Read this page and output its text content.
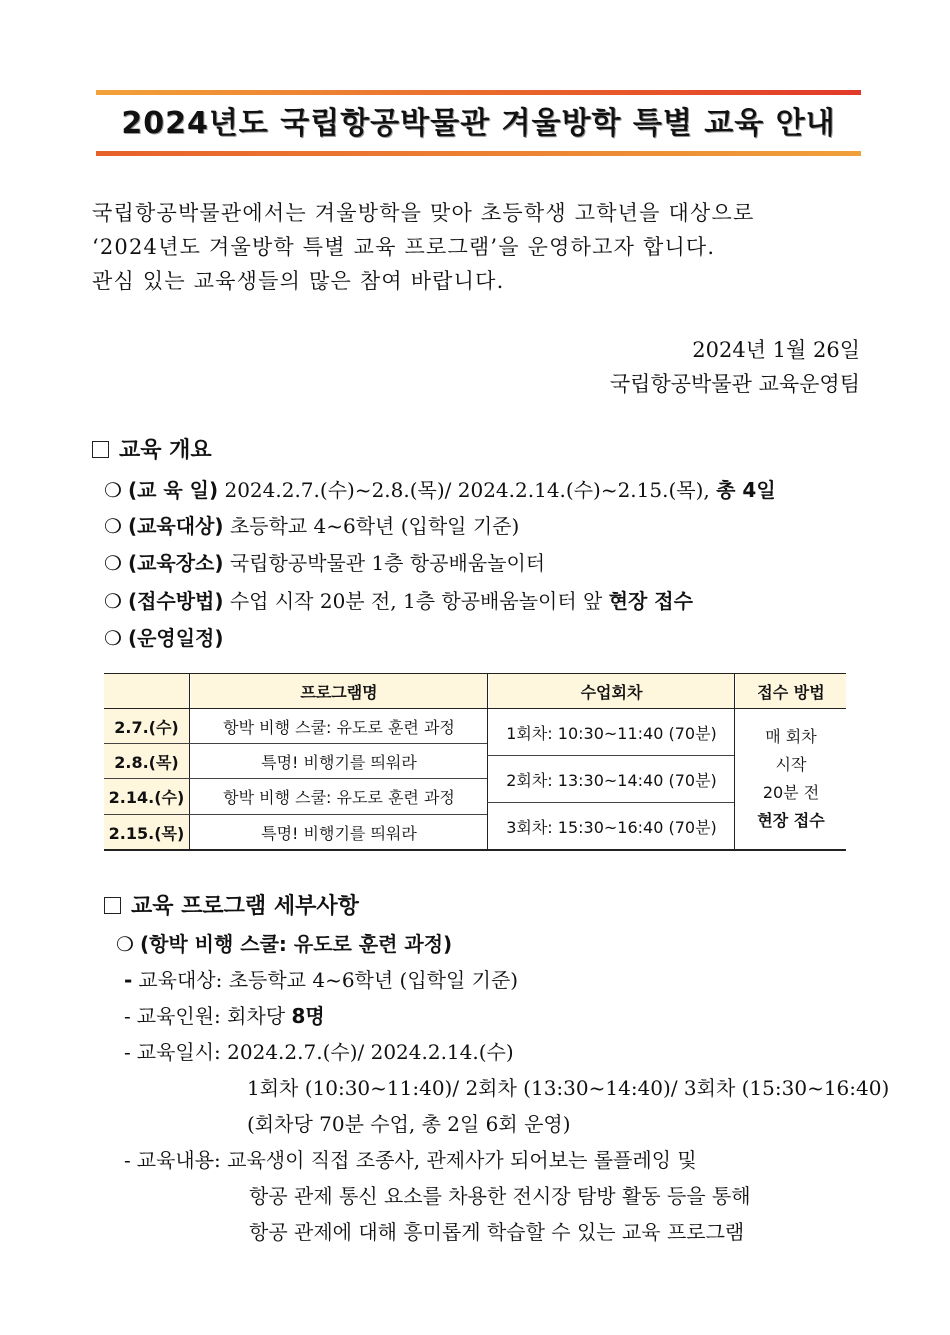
2024년도 국립항공박물관 겨울방학 특별 교육 안내
국립항공박물관에서는 겨울방학을 맞아 초등학생 고학년을 대상으로
‘2024년도 겨울방학 특별 교육 프로그램’을 운영하고자 합니다.
관심 있는 교육생들의 많은 참여 바랍니다.
2024년 1월 26일
국립항공박물관 교육운영팀
교육 개요
❍ (교 육 일) 2024.2.7.(수)~2.8.(목)/ 2024.2.14.(수)~2.15.(목), 총 4일
❍ (교육대상) 초등학교 4~6학년 (입학일 기준)
❍ (교육장소) 국립항공박물관 1층 항공배움놀이터
❍ (접수방법) 수업 시작 20분 전, 1층 항공배움놀이터 앞 현장 접수
❍ (운영일정)
프로그램명	수업회차	접수 방법
2.7.(수)
2.8.(목)
2.14.(수)
2.15.(목)
항박 비행 스쿨: 유도로 훈련 과정
특명! 비행기를 띄워라
항박 비행 스쿨: 유도로 훈련 과정
특명! 비행기를 띄워라
1회차: 10:30~11:40 (70분)
2회차: 13:30~14:40 (70분)
3회차: 15:30~16:40 (70분)
매 회차
시작
20분 전
현장 접수
교육 프로그램 세부사항
❍ (항박 비행 스쿨: 유도로 훈련 과정)
- 교육대상: 초등학교 4~6학년 (입학일 기준)
- 교육인원: 회차당 8명
- 교육일시: 2024.2.7.(수)/ 2024.2.14.(수)
1회차 (10:30~11:40)/ 2회차 (13:30~14:40)/ 3회차 (15:30~16:40)
(회차당 70분 수업, 총 2일 6회 운영)
- 교육내용: 교육생이 직접 조종사, 관제사가 되어보는 롤플레잉 및
항공 관제 통신 요소를 차용한 전시장 탐방 활동 등을 통해
항공 관제에 대해 흥미롭게 학습할 수 있는 교육 프로그램
